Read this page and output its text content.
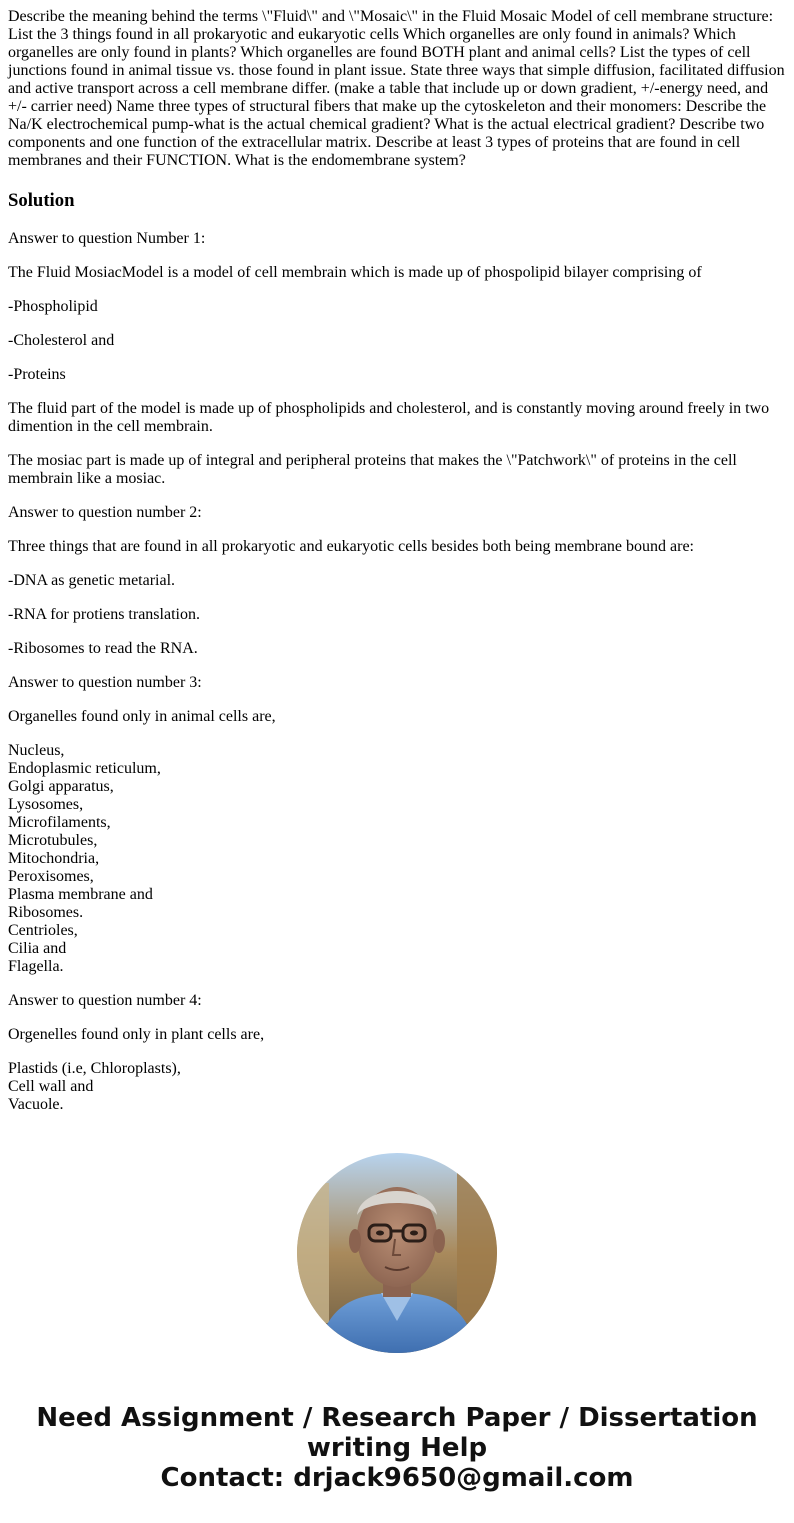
Describe the meaning behind the terms \"Fluid\" and \"Mosaic\" in the Fluid Mosaic Model of cell membrane structure: List the 3 things found in all prokaryotic and eukaryotic cells Which organelles are only found in animals? Which organelles are only found in plants? Which organelles are found BOTH plant and animal cells? List the types of cell junctions found in animal tissue vs. those found in plant issue. State three ways that simple diffusion, facilitated diffusion and active transport across a cell membrane differ. (make a table that include up or down gradient, +/-energy need, and +/- carrier need) Name three types of structural fibers that make up the cytoskeleton and their monomers: Describe the Na/K electrochemical pump-what is the actual chemical gradient? What is the actual electrical gradient? Describe two components and one function of the extracellular matrix. Describe at least 3 types of proteins that are found in cell membranes and their FUNCTION. What is the endomembrane system?

Solution

Answer to question Number 1:

The Fluid MosiacModel is a model of cell membrain which is made up of phospolipid bilayer comprising of

-Phospholipid

-Cholesterol and

-Proteins

The fluid part of the model is made up of phospholipids and cholesterol, and is constantly moving around freely in two dimention in the cell membrain.

The mosiac part is made up of integral and peripheral proteins that makes the \"Patchwork\" of proteins in the cell membrain like a mosiac.

Answer to question number 2:

Three things that are found in all prokaryotic and eukaryotic cells besides both being membrane bound are:

-DNA as genetic metarial.

-RNA for protiens translation.

-Ribosomes to read the RNA.

Answer to question number 3:

Organelles found only in animal cells are,

Nucleus,
Endoplasmic reticulum,
Golgi apparatus,
Lysosomes,
Microfilaments,
Microtubules,
Mitochondria,
Peroxisomes,
Plasma membrane and
Ribosomes.
Centrioles,
Cilia and
Flagella.

Answer to question number 4:

Orgenelles found only in plant cells are,

Plastids (i.e, Chloroplasts),
Cell wall and
Vacuole.
Need Assignment / Research Paper / Dissertation
writing Help
Contact: drjack9650@gmail.com
